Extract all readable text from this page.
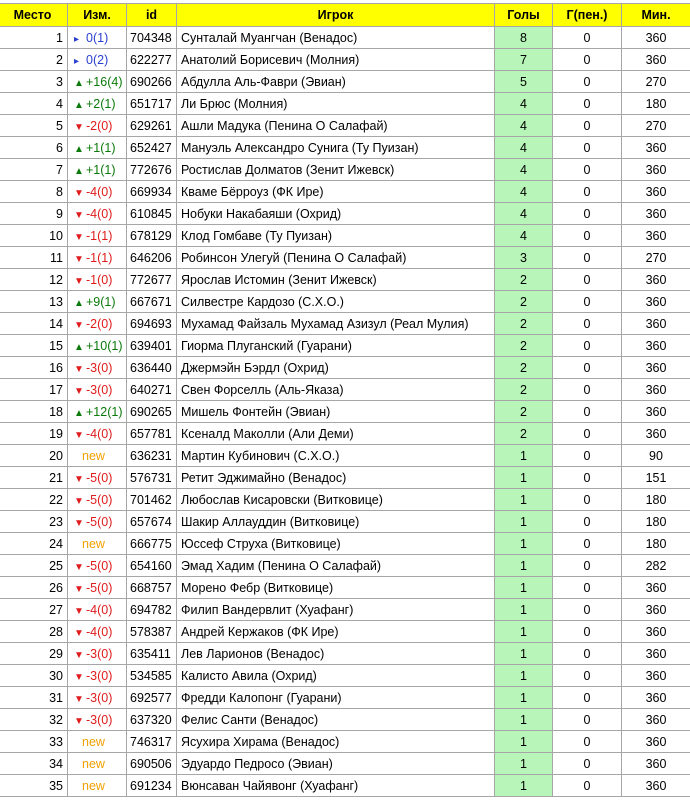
Место	Изм.	id	Игрок	Голы	Г(пен.)	Мин.
1	▸ 0(1)	704348	Сунталай Муангчан (Венадос)	8	0	360
2	▸ 0(2)	622277	Анатолий Борисевич (Молния)	7	0	360
3	▲ +16(4)	690266	Абдулла Аль-Фаври (Эвиан)	5	0	270
4	▲ +2(1)	651717	Ли Брюс (Молния)	4	0	180
5	▼ -2(0)	629261	Ашли Мадука (Пенина О Салафай)	4	0	270
6	▲ +1(1)	652427	Мануэль Александро Сунига (Ту Пуизан)	4	0	360
7	▲ +1(1)	772676	Ростислав Долматов (Зенит Ижевск)	4	0	360
8	▼ -4(0)	669934	Кваме Бёрроуз (ФК Ире)	4	0	360
9	▼ -4(0)	610845	Нобуки Накабаяши (Охрид)	4	0	360
10	▼ -1(1)	678129	Клод Гомбаве (Ту Пуизан)	4	0	360
11	▼ -1(1)	646206	Робинсон Улегуй (Пенина О Салафай)	3	0	270
12	▼ -1(0)	772677	Ярослав Истомин (Зенит Ижевск)	2	0	360
13	▲ +9(1)	667671	Силвестре Кардозо (С.Х.О.)	2	0	360
14	▼ -2(0)	694693	Мухамад Файзаль Мухамад Азизул (Реал Мулия)	2	0	360
15	▲ +10(1)	639401	Гиорма Плуганский (Гуарани)	2	0	360
16	▼ -3(0)	636440	Джермэйн Бэрдл (Охрид)	2	0	360
17	▼ -3(0)	640271	Свен Форселль (Аль-Яказа)	2	0	360
18	▲ +12(1)	690265	Мишель Фонтейн (Эвиан)	2	0	360
19	▼ -4(0)	657781	Ксеналд Маколли (Али Деми)	2	0	360
20	new	636231	Мартин Кубинович (С.Х.О.)	1	0	90
21	▼ -5(0)	576731	Ретит Эджимайно (Венадос)	1	0	151
22	▼ -5(0)	701462	Любослав Кисаровски (Витковице)	1	0	180
23	▼ -5(0)	657674	Шакир Аллауддин (Витковице)	1	0	180
24	new	666775	Юссеф Струха (Витковице)	1	0	180
25	▼ -5(0)	654160	Эмад Хадим (Пенина О Салафай)	1	0	282
26	▼ -5(0)	668757	Морено Фебр (Витковице)	1	0	360
27	▼ -4(0)	694782	Филип Вандервлит (Хуафанг)	1	0	360
28	▼ -4(0)	578387	Андрей Кержаков (ФК Ире)	1	0	360
29	▼ -3(0)	635411	Лев Ларионов (Венадос)	1	0	360
30	▼ -3(0)	534585	Калисто Авила (Охрид)	1	0	360
31	▼ -3(0)	692577	Фредди Калопонг (Гуарани)	1	0	360
32	▼ -3(0)	637320	Фелис Санти (Венадос)	1	0	360
33	new	746317	Ясухира Хирама (Венадос)	1	0	360
34	new	690506	Эдуардо Педросо (Эвиан)	1	0	360
35	new	691234	Вюнсаван Чайявонг (Хуафанг)	1	0	360
